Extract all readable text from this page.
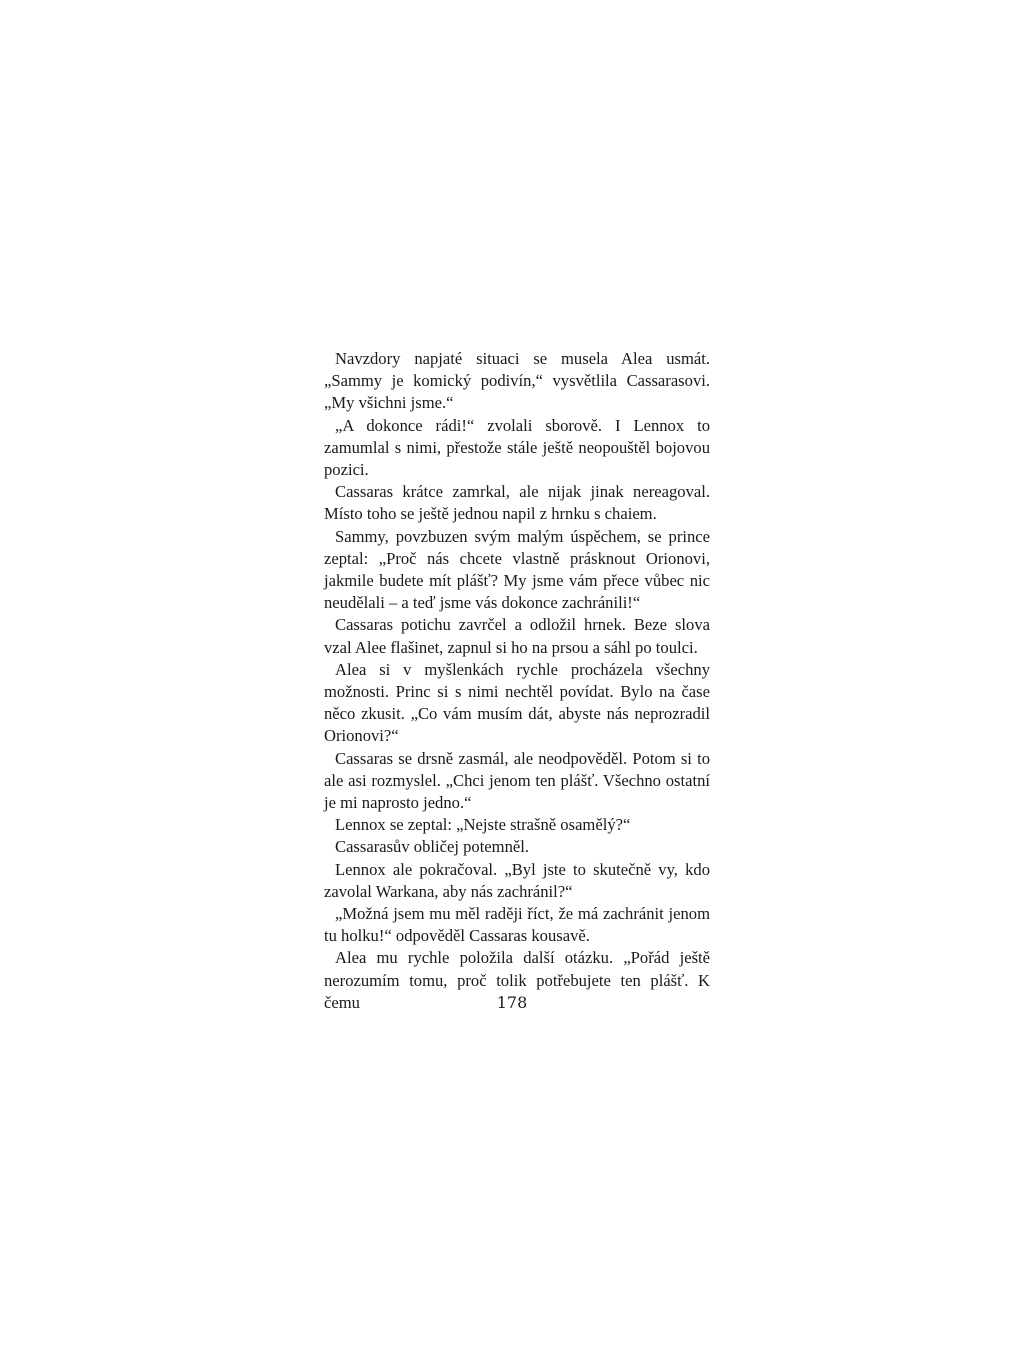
Navzdory napjaté situaci se musela Alea usmát. „Sammy je komický podivín,“ vysvětlila Cassarasovi. „My všichni jsme.“

„A dokonce rádi!“ zvolali sborově. I Lennox to zamumlal s nimi, přestože stále ještě neopouštěl bojovou pozici.

Cassaras krátce zamrkal, ale nijak jinak nereagoval. Místo toho se ještě jednou napil z hrnku s chaiem.

Sammy, povzbuzen svým malým úspěchem, se prince zeptal: „Proč nás chcete vlastně prásknout Orionovi, jakmile budete mít plášť? My jsme vám přece vůbec nic neudělali – a teď jsme vás dokonce zachránili!“

Cassaras potichu zavrčel a odložil hrnek. Beze slova vzal Alee flašinet, zapnul si ho na prsou a sáhl po toulci.

Alea si v myšlenkách rychle procházela všechny možnosti. Princ si s nimi nechtěl povídat. Bylo na čase něco zkusit. „Co vám musím dát, abyste nás neprozradil Orionovi?“

Cassaras se drsně zasmál, ale neodpověděl. Potom si to ale asi rozmyslel. „Chci jenom ten plášť. Všechno ostatní je mi naprosto jedno.“

Lennox se zeptal: „Nejste strašně osamělý?“

Cassarasův obličej potemněl.

Lennox ale pokračoval. „Byl jste to skutečně vy, kdo zavolal Warkana, aby nás zachránil?“

„Možná jsem mu měl raději říct, že má zachránit jenom tu holku!“ odpověděl Cassaras kousavě.

Alea mu rychle položila další otázku. „Pořád ještě nerozumím tomu, proč tolik potřebujete ten plášť. K čemu	178
